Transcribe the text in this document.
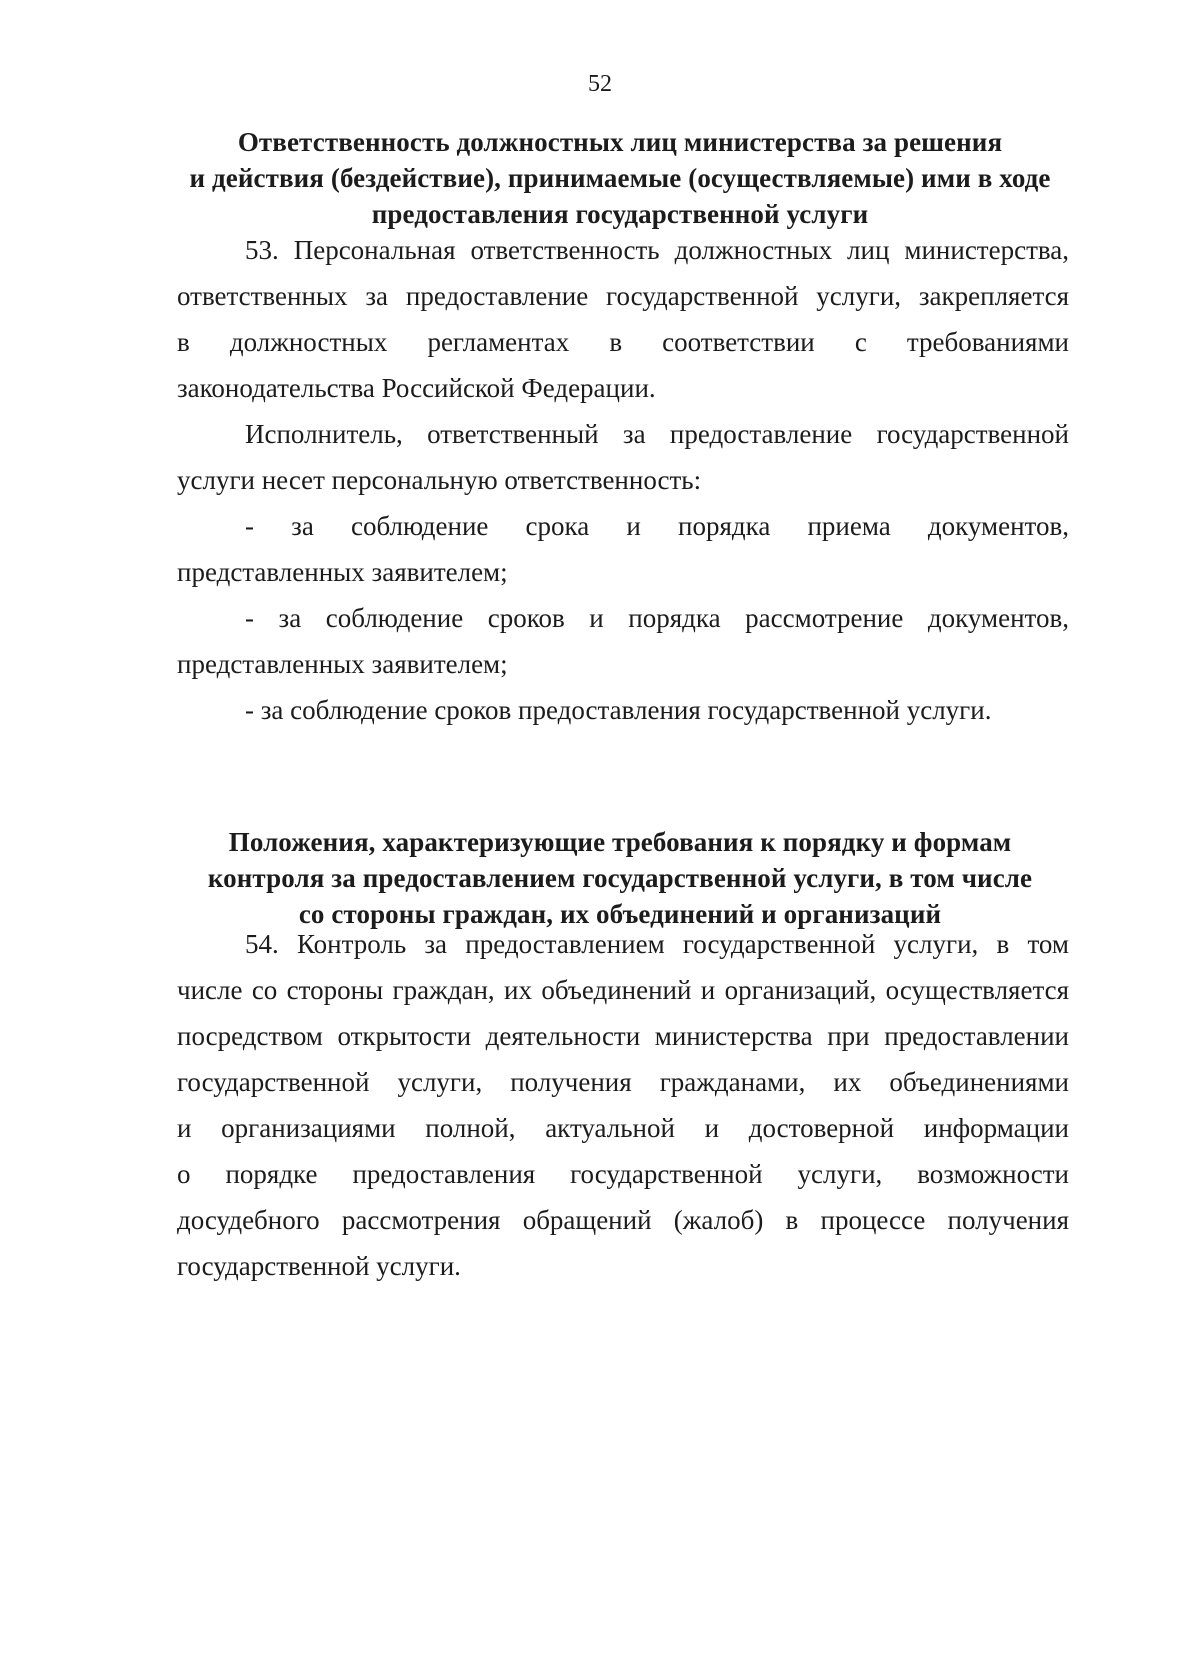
52
Ответственность должностных лиц министерства за решения
и действия (бездействие), принимаемые (осуществляемые) ими в ходе
предоставления государственной услуги
53. Персональная ответственность должностных лиц министерства,
ответственных за предоставление государственной услуги, закрепляется
в должностных регламентах в соответствии с требованиями
законодательства Российской Федерации.
Исполнитель, ответственный за предоставление государственной
услуги несет персональную ответственность:
- за соблюдение срока и порядка приема документов,
представленных заявителем;
- за соблюдение сроков и порядка рассмотрение документов,
представленных заявителем;
- за соблюдение сроков предоставления государственной услуги.
Положения, характеризующие требования к порядку и формам
контроля за предоставлением государственной услуги, в том числе
со стороны граждан, их объединений и организаций
54. Контроль за предоставлением государственной услуги, в том
числе со стороны граждан, их объединений и организаций, осуществляется
посредством открытости деятельности министерства при предоставлении
государственной услуги, получения гражданами, их объединениями
и организациями полной, актуальной и достоверной информации
о порядке предоставления государственной услуги, возможности
досудебного рассмотрения обращений (жалоб) в процессе получения
государственной услуги.
